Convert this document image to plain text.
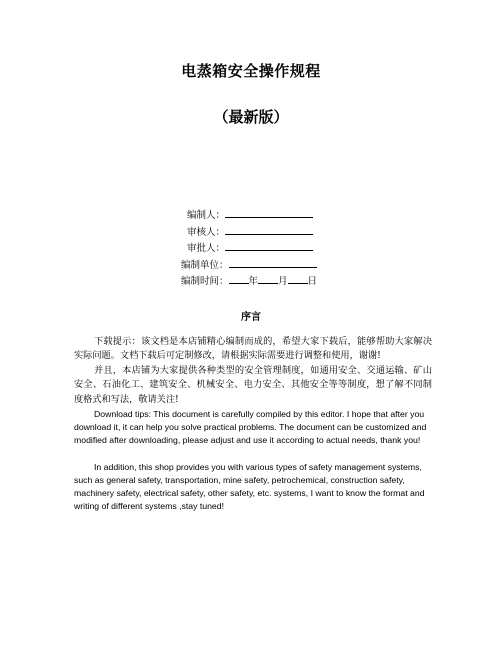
电蒸箱安全操作规程
（最新版）
编制人：
审核人：
审批人：
编制单位：
编制时间： 年 月 日
序言
下载提示：该文档是本店铺精心编制而成的，希望大家下载后，能够帮助大家解决实际问题。文档下载后可定制修改，请根据实际需要进行调整和使用，谢谢!
并且，本店铺为大家提供各种类型的安全管理制度，如通用安全、交通运输、矿山安全、石油化工、建筑安全、机械安全、电力安全、其他安全等等制度，想了解不同制度格式和写法，敬请关注!
Download tips: This document is carefully compiled by this editor. I hope that after you download it, it can help you solve practical problems. The document can be customized and modified after downloading, please adjust and use it according to actual needs, thank you!
In addition, this shop provides you with various types of safety management systems, such as general safety, transportation, mine safety, petrochemical, construction safety, machinery safety, electrical safety, other safety, etc. systems, I want to know the format and writing of different systems ,stay tuned!
